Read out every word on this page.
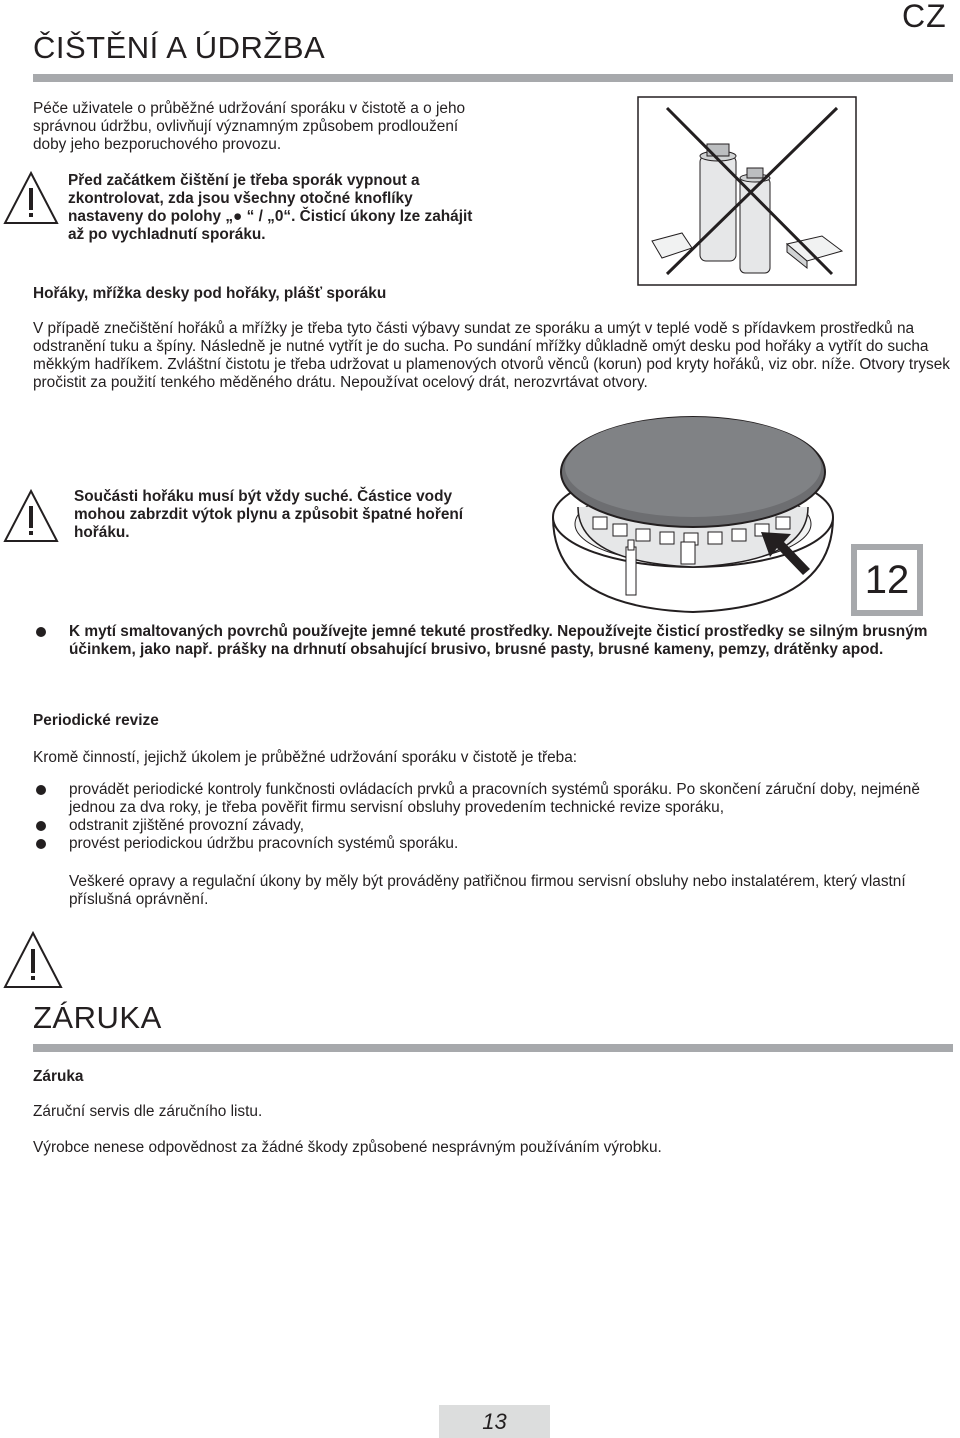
CZ
ČIŠTĚNÍ A ÚDRŽBA
Péče uživatele o průběžné udržování sporáku v čistotě a o jeho správnou údržbu, ovlivňují významným způsobem prodloužení doby jeho bezporuchového provozu.
Před začátkem čištění je třeba sporák vypnout a zkontrolovat, zda jsou všechny otočné knoflíky nastaveny do polohy „● “ / „0“. Čisticí úkony lze zahájit až po vychladnutí sporáku.
Hořáky, mřížka desky pod hořáky, plášť sporáku
V případě znečištění hořáků a mřížky je třeba tyto části výbavy sundat ze sporáku a umýt v teplé vodě s přídavkem prostředků na odstranění tuku a špíny. Následně je nutné vytřít je do sucha. Po sundání mřížky důkladně omýt desku pod hořáky a vytřít do sucha měkkým hadříkem. Zvláštní čistotu je třeba udržovat u plamenových otvorů věnců (korun) pod kryty hořáků, viz obr. níže. Otvory trysek pročistit za použití tenkého měděného drátu. Nepoužívat ocelový drát, nerozvrtávat otvory.
Součásti hořáku musí být vždy suché. Částice vody mohou zabrzdit výtok plynu a způsobit špatné hoření hořáku.
12
K mytí smaltovaných povrchů používejte jemné tekuté prostředky. Nepoužívejte čisticí prostředky se silným brusným účinkem, jako např. prášky na drhnutí obsahující brusivo, brusné pasty, brusné kameny, pemzy, drátěnky apod.
Periodické revize
Kromě činností, jejichž úkolem je průběžné udržování sporáku v čistotě je třeba:
provádět periodické kontroly funkčnosti ovládacích prvků a pracovních systémů sporáku. Po skončení záruční doby, nejméně jednou za dva roky, je třeba pověřit firmu servisní obsluhy provedením technické revize sporáku,
odstranit zjištěné provozní závady,
provést periodickou údržbu pracovních systémů sporáku.
Veškeré opravy a regulační úkony by měly být prováděny patřičnou firmou servisní obsluhy nebo instalatérem, který vlastní příslušná oprávnění.
ZÁRUKA
Záruka
Záruční servis dle záručního listu.
Výrobce nenese odpovědnost za žádné škody způsobené nesprávným používáním výrobku.
13
